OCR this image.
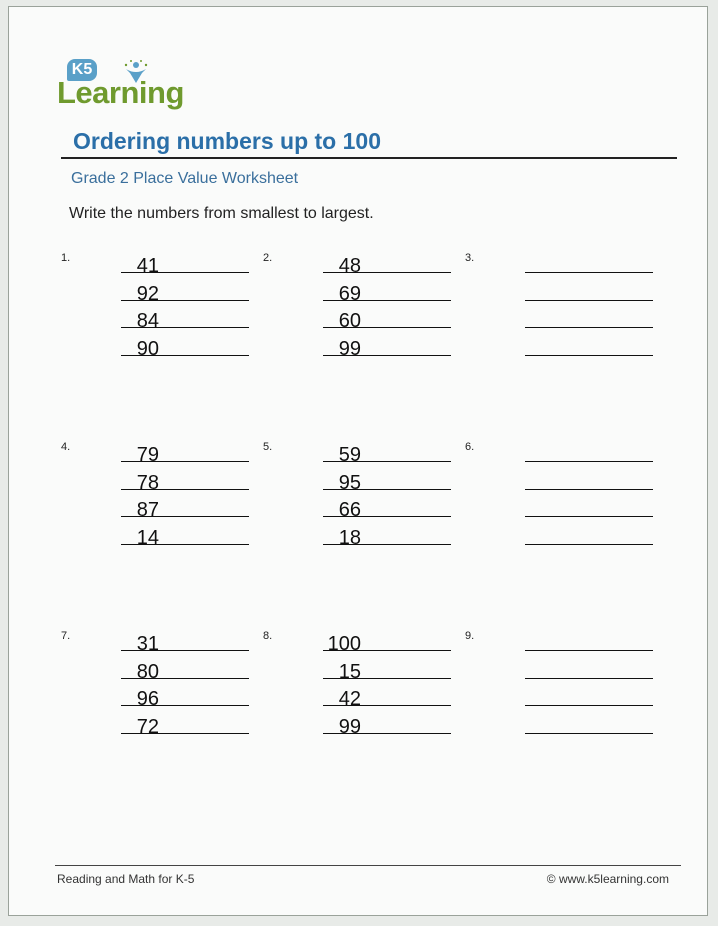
K5
Learning
Ordering numbers up to 100
Grade 2 Place Value Worksheet
Write the numbers from smallest to largest.
1.	2.
41
92
84
90
3.
48
69
60
99
4.	5.
79
78
87
14
6.
59
95
66
18
7.	8.
31
80
96
72
9.
100
15
42
99
Reading and Math for K-5	© www.k5learning.com
